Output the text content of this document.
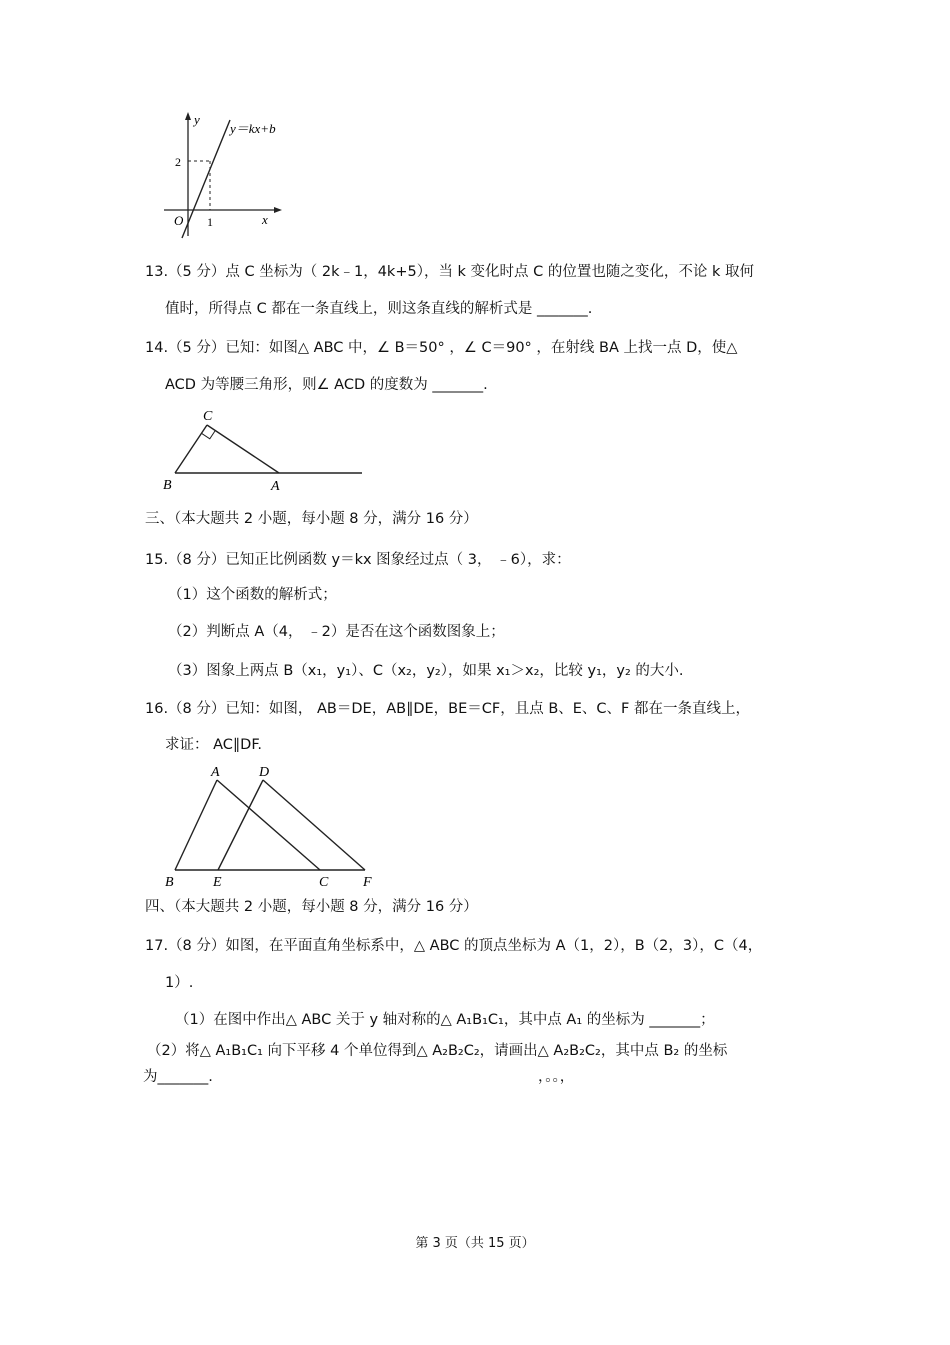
y
y＝kx+b
2
O 1	x
13.（5 分）点 C 坐标为（ 2k﹣1，4k+5），当 k 变化时点 C 的位置也随之变化，不论 k 取何
值时，所得点 C 都在一条直线上，则这条直线的解析式是 _______.
14.（5 分）已知：如图△ ABC 中，∠ B＝50° ，∠ C＝90° ，在射线 BA 上找一点 D，使△
ACD 为等腰三角形，则∠ ACD 的度数为 _______.
C
B	A
三、（本大题共 2 小题，每小题 8 分，满分 16 分）
15.（8 分）已知正比例函数 y＝kx 图象经过点（ 3， ﹣6），求：
（1）这个函数的解析式；
（2）判断点 A（4， ﹣2）是否在这个函数图象上；
（3）图象上两点 B（x₁，y₁）、C（x₂，y₂），如果 x₁＞x₂，比较 y₁，y₂ 的大小.
16.（8 分）已知：如图， AB＝DE，AB∥DE，BE＝CF，且点 B、E、C、F 都在一条直线上，
求证： AC∥DF.
A	D
B	E	C F
四、（本大题共 2 小题，每小题 8 分，满分 16 分）
17.（8 分）如图，在平面直角坐标系中，△ ABC 的顶点坐标为 A（1，2），B（2，3），C（4，
1）.
（1）在图中作出△ ABC 关于 y 轴对称的△ A₁B₁C₁，其中点 A₁ 的坐标为 _______；
（2）将△ A₁B₁C₁ 向下平移 4 个单位得到△ A₂B₂C₂，请画出△ A₂B₂C₂，其中点 B₂ 的坐标
为_______.	，。。，
第 3 页（共 15 页）
